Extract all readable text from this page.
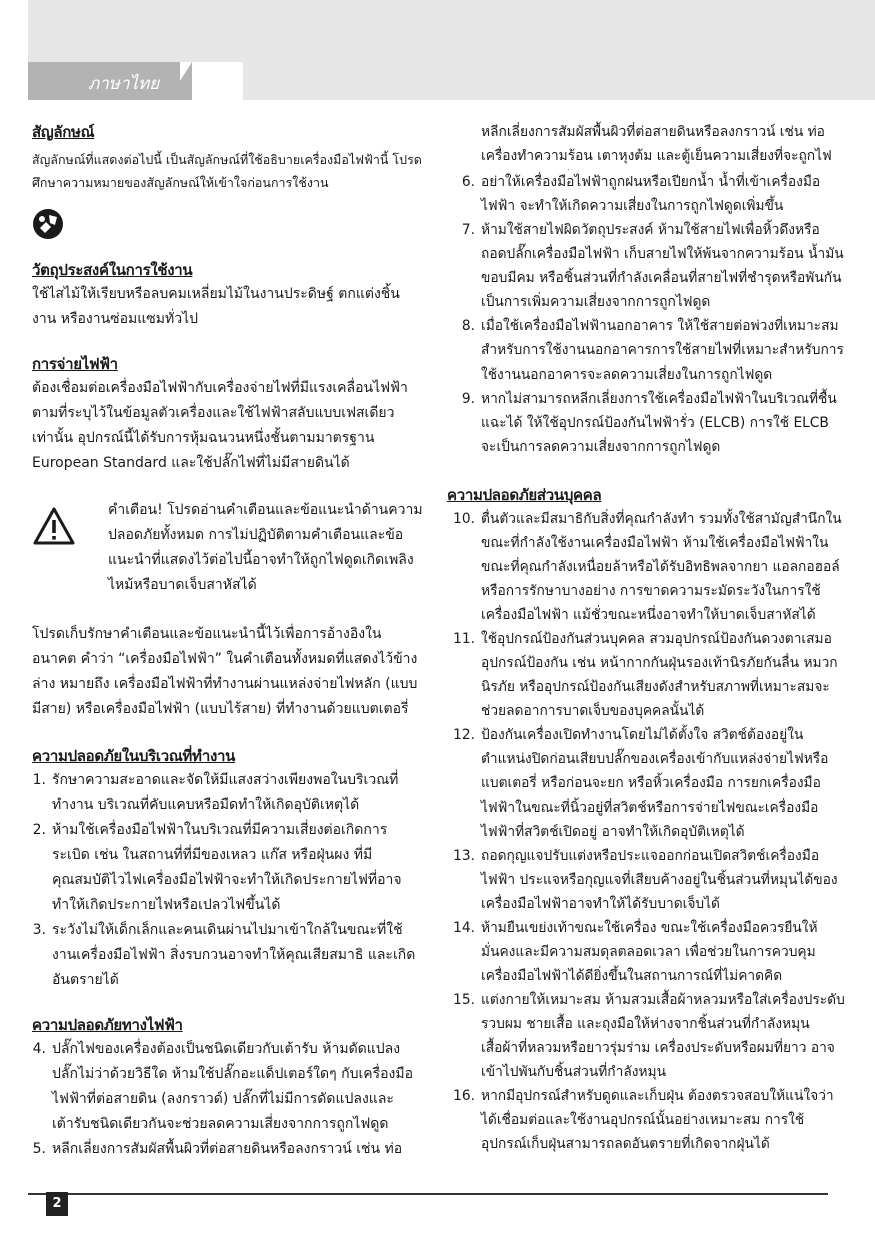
ภาษาไทย
สัญลักษณ์

สัญลักษณ์ที่แสดงต่อไปนี้ เป็นสัญลักษณ์ที่ใช้อธิบายเครื่องมือไฟฟ้านี้ โปรดศึกษาความหมายของสัญลักษณ์ให้เข้าใจก่อนการใช้งาน

วัตถุประสงค์ในการใช้งาน

ใช้ไสไม้ให้เรียบหรือลบคมเหลี่ยมไม้ในงานประดิษฐ์ ตกแต่งชิ้นงาน หรืองานซ่อมแซมทั่วไป

การจ่ายไฟฟ้า

ต้องเชื่อมต่อเครื่องมือไฟฟ้ากับเครื่องจ่ายไฟที่มีแรงเคลื่อนไฟฟ้าตามที่ระบุไว้ในข้อมูลตัวเครื่องและใช้ไฟฟ้าสลับแบบเฟสเดียวเท่านั้น อุปกรณ์นี้ได้รับการหุ้มฉนวนหนึ่งชั้นตามมาตรฐาน European Standard และใช้ปลั๊กไฟที่ไม่มีสายดินได้

คำเตือน! โปรดอ่านคำเตือนและข้อแนะนำด้านความปลอดภัยทั้งหมด การไม่ปฏิบัติตามคำเตือนและข้อแนะนำที่แสดงไว้ต่อไปนี้อาจทำให้ถูกไฟดูดเกิดเพลิงไหม้หรือบาดเจ็บสาหัสได้

โปรดเก็บรักษาคำเตือนและข้อแนะนำนี้ไว้เพื่อการอ้างอิงในอนาคต คำว่า “เครื่องมือไฟฟ้า” ในคำเตือนทั้งหมดที่แสดงไว้ข้างล่าง หมายถึง เครื่องมือไฟฟ้าที่ทำงานผ่านแหล่งจ่ายไฟหลัก (แบบมีสาย) หรือเครื่องมือไฟฟ้า (แบบไร้สาย) ที่ทำงานด้วยแบตเตอรี่

ความปลอดภัยในบริเวณที่ทำงาน
1. รักษาความสะอาดและจัดให้มีแสงสว่างเพียงพอในบริเวณที่ทำงาน บริเวณที่คับแคบหรือมืดทำให้เกิดอุบัติเหตุได้
2. ห้ามใช้เครื่องมือไฟฟ้าในบริเวณที่มีความเสี่ยงต่อเกิดการระเบิด เช่น ในสถานที่ที่มีของเหลว แก๊ส หรือฝุ่นผง ที่มีคุณสมบัติไวไฟเครื่องมือไฟฟ้าจะทำให้เกิดประกายไฟที่อาจทำให้เกิดประกายไฟหรือเปลวไฟขึ้นได้
3. ระวังไม่ให้เด็กเล็กและคนเดินผ่านไปมาเข้าใกล้ในขณะที่ใช้งานเครื่องมือไฟฟ้า สิ่งรบกวนอาจทำให้คุณเสียสมาธิ และเกิดอันตรายได้
ความปลอดภัยทางไฟฟ้า
4. ปลั๊กไฟของเครื่องต้องเป็นชนิดเดียวกับเต้ารับ ห้ามดัดแปลงปลั๊กไม่ว่าด้วยวิธีใด ห้ามใช้ปลั๊กอะแด็ปเตอร์ใดๆ กับเครื่องมือไฟฟ้าที่ต่อสายดิน (ลงกราวด์) ปลั๊กที่ไม่มีการดัดแปลงและเต้ารับชนิดเดียวกันจะช่วยลดความเสี่ยงจากการถูกไฟดูด
5. หลีกเลี่ยงการสัมผัสพื้นผิวที่ต่อสายดินหรือลงกราวน์ เช่น ท่อ
หลีกเลี่ยงการสัมผัสพื้นผิวที่ต่อสายดินหรือลงกราวน์ เช่น ท่อ เครื่องทำความร้อน เตาหุงต้ม และตู้เย็นความเสี่ยงที่จะถูกไฟ
6. อย่าให้เครื่องมือไฟฟ้าถูกฝนหรือเปียกน้ำ น้ำที่เข้าเครื่องมือไฟฟ้า จะทำให้เกิดความเสี่ยงในการถูกไฟดูดเพิ่มขึ้น
7. ห้ามใช้สายไฟผิดวัตถุประสงค์ ห้ามใช้สายไฟเพื่อหิ้วดึงหรือถอดปลั๊กเครื่องมือไฟฟ้า เก็บสายไฟให้พ้นจากความร้อน น้ำมัน ขอบมีคม หรือชิ้นส่วนที่กำลังเคลื่อนที่สายไฟที่ชำรุดหรือพันกันเป็นการเพิ่มความเสี่ยงจากการถูกไฟดูด
8. เมื่อใช้เครื่องมือไฟฟ้านอกอาคาร ให้ใช้สายต่อพ่วงที่เหมาะสมสำหรับการใช้งานนอกอาคารการใช้สายไฟที่เหมาะสำหรับการใช้งานนอกอาคารจะลดความเสี่ยงในการถูกไฟดูด
9. หากไม่สามารถหลีกเลี่ยงการใช้เครื่องมือไฟฟ้าในบริเวณที่ชื้นแฉะได้ ให้ใช้อุปกรณ์ป้องกันไฟฟ้ารั่ว (ELCB) การใช้ ELCB จะเป็นการลดความเสี่ยงจากการถูกไฟดูด
ความปลอดภัยส่วนบุคคล
10. ตื่นตัวและมีสมาธิกับสิ่งที่คุณกำลังทำ รวมทั้งใช้สามัญสำนึกในขณะที่กำลังใช้งานเครื่องมือไฟฟ้า ห้ามใช้เครื่องมือไฟฟ้าในขณะที่คุณกำลังเหนื่อยล้าหรือได้รับอิทธิพลจากยา แอลกอฮอล์ หรือการรักษาบางอย่าง การขาดความระมัดระวังในการใช้เครื่องมือไฟฟ้า แม้ชั่วขณะหนึ่งอาจทำให้บาดเจ็บสาหัสได้
11. ใช้อุปกรณ์ป้องกันส่วนบุคคล สวมอุปกรณ์ป้องกันดวงตาเสมอ อุปกรณ์ป้องกัน เช่น หน้ากากกันฝุ่นรองเท้านิรภัยกันลื่น หมวกนิรภัย หรืออุปกรณ์ป้องกันเสียงดังสำหรับสภาพที่เหมาะสมจะช่วยลดอาการบาดเจ็บของบุคคลนั้นได้
12. ป้องกันเครื่องเปิดทำงานโดยไม่ได้ตั้งใจ สวิตช์ต้องอยู่ในตำแหน่งปิดก่อนเสียบปลั๊กของเครื่องเข้ากับแหล่งจ่ายไฟหรือแบตเตอรี่ หรือก่อนจะยก หรือหิ้วเครื่องมือ การยกเครื่องมือไฟฟ้าในขณะที่นิ้วอยู่ที่สวิตช์หรือการจ่ายไฟขณะเครื่องมือไฟฟ้าที่สวิตช์เปิดอยู่ อาจทำให้เกิดอุบัติเหตุได้
13. ถอดกุญแจปรับแต่งหรือประแจออกก่อนเปิดสวิตช์เครื่องมือไฟฟ้า ประแจหรือกุญแจที่เสียบค้างอยู่ในชิ้นส่วนที่หมุนได้ของเครื่องมือไฟฟ้าอาจทำให้ได้รับบาดเจ็บได้
14. ห้ามยืนเขย่งเท้าขณะใช้เครื่อง ขณะใช้เครื่องมือควรยืนให้มั่นคงและมีความสมดุลตลอดเวลา เพื่อช่วยในการควบคุมเครื่องมือไฟฟ้าได้ดียิ่งขึ้นในสถานการณ์ที่ไม่คาดคิด
15. แต่งกายให้เหมาะสม ห้ามสวมเสื้อผ้าหลวมหรือใส่เครื่องประดับ รวบผม ชายเสื้อ และถุงมือให้ห่างจากชิ้นส่วนที่กำลังหมุน เสื้อผ้าที่หลวมหรือยาวรุ่มร่าม เครื่องประดับหรือผมที่ยาว อาจเข้าไปพันกับชิ้นส่วนที่กำลังหมุน
16. หากมีอุปกรณ์สำหรับดูดและเก็บฝุ่น ต้องตรวจสอบให้แน่ใจว่าได้เชื่อมต่อและใช้งานอุปกรณ์นั้นอย่างเหมาะสม การใช้อุปกรณ์เก็บฝุ่นสามารถลดอันตรายที่เกิดจากฝุ่นได้
2
